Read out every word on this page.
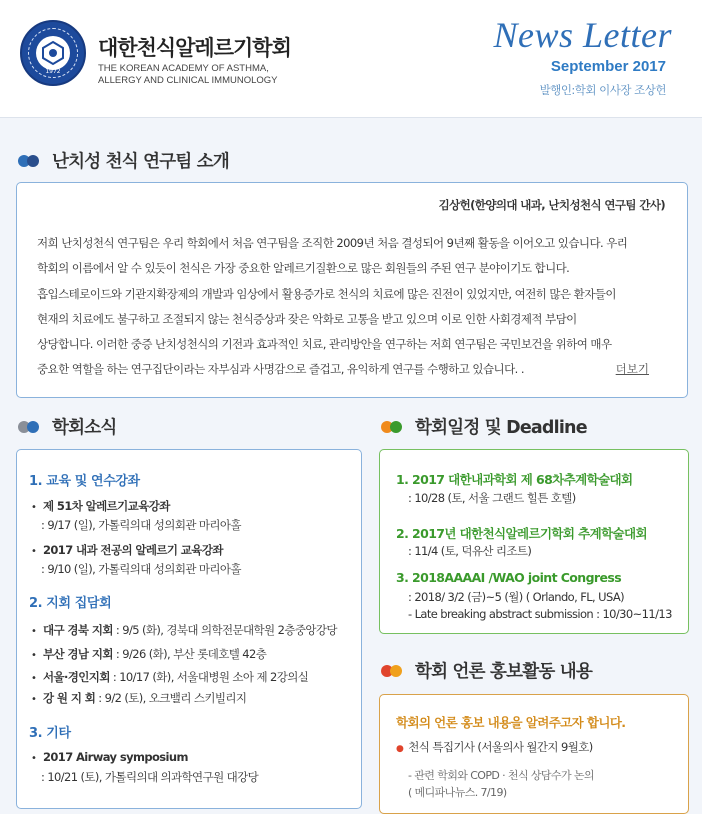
1972
대한천식알레르기학회
THE KOREAN ACADEMY OF ASTHMA,
ALLERGY AND CLINICAL IMMUNOLOGY
News Letter
September 2017
발행인:학회 이사장 조상헌
난치성 천식 연구팀 소개
김상헌(한양의대 내과, 난치성천식 연구팀 간사)
저희 난치성천식 연구팀은 우리 학회에서 처음 연구팀을 조직한 2009년 처음 결성되어 9년째 활동을 이어오고 있습니다. 우리
학회의 이름에서 알 수 있듯이 천식은 가장 중요한 알레르기질환으로 많은 회원들의 주된 연구 분야이기도 합니다.
흡입스테로이드와 기관지확장제의 개발과 임상에서 활용증가로 천식의 치료에 많은 진전이 있었지만, 여전히 많은 환자들이
현재의 치료에도 불구하고 조절되지 않는 천식증상과 잦은 악화로 고통을 받고 있으며 이로 인한 사회경제적 부담이
상당합니다. 이러한 중증 난치성천식의 기전과 효과적인 치료, 관리방안을 연구하는 저희 연구팀은 국민보건을 위하여 매우
중요한 역할을 하는 연구집단이라는 자부심과 사명감으로 즐겁고, 유익하게 연구를 수행하고 있습니다. .	더보기
학회소식
1. 교육 및 연수강좌
• 제 51차 알레르기교육강좌
: 9/17 (일), 가톨릭의대 성의회관 마리아홀
• 2017 내과 전공의 알레르기 교육강좌
: 9/10 (일), 가톨릭의대 성의회관 마리아홀
2. 지회 집담회
• 대구 경북 지회 : 9/5 (화), 경북대 의학전문대학원 2층중앙강당
• 부산 경남 지회 : 9/26 (화), 부산 롯데호텔 42층
• 서울·경인지회 : 10/17 (화), 서울대병원 소아 제 2강의실
• 강 원 지 회 : 9/2 (토), 오크밸리 스키빌리지
3. 기타
• 2017 Airway symposium
: 10/21 (토), 가톨릭의대 의과학연구원 대강당
학회일정 및 Deadline
1. 2017 대한내과학회 제 68차추계학술대회
: 10/28 (토, 서울 그랜드 힐튼 호텔)
2. 2017년 대한천식알레르기학회 추계학술대회
: 11/4 (토, 덕유산 리조트)
3. 2018AAAAI /WAO joint Congress
: 2018/ 3/2 (금)~5 (월) ( Orlando, FL, USA)
- Late breaking abstract submission : 10/30~11/13
학회 언론 홍보활동 내용
학회의 언론 홍보 내용을 알려주고자 합니다.
● 천식 특집기사 (서울의사 월간지 9월호)
- 관련 학회와 COPD · 천식 상담수가 논의
( 메디파나뉴스. 7/19)
